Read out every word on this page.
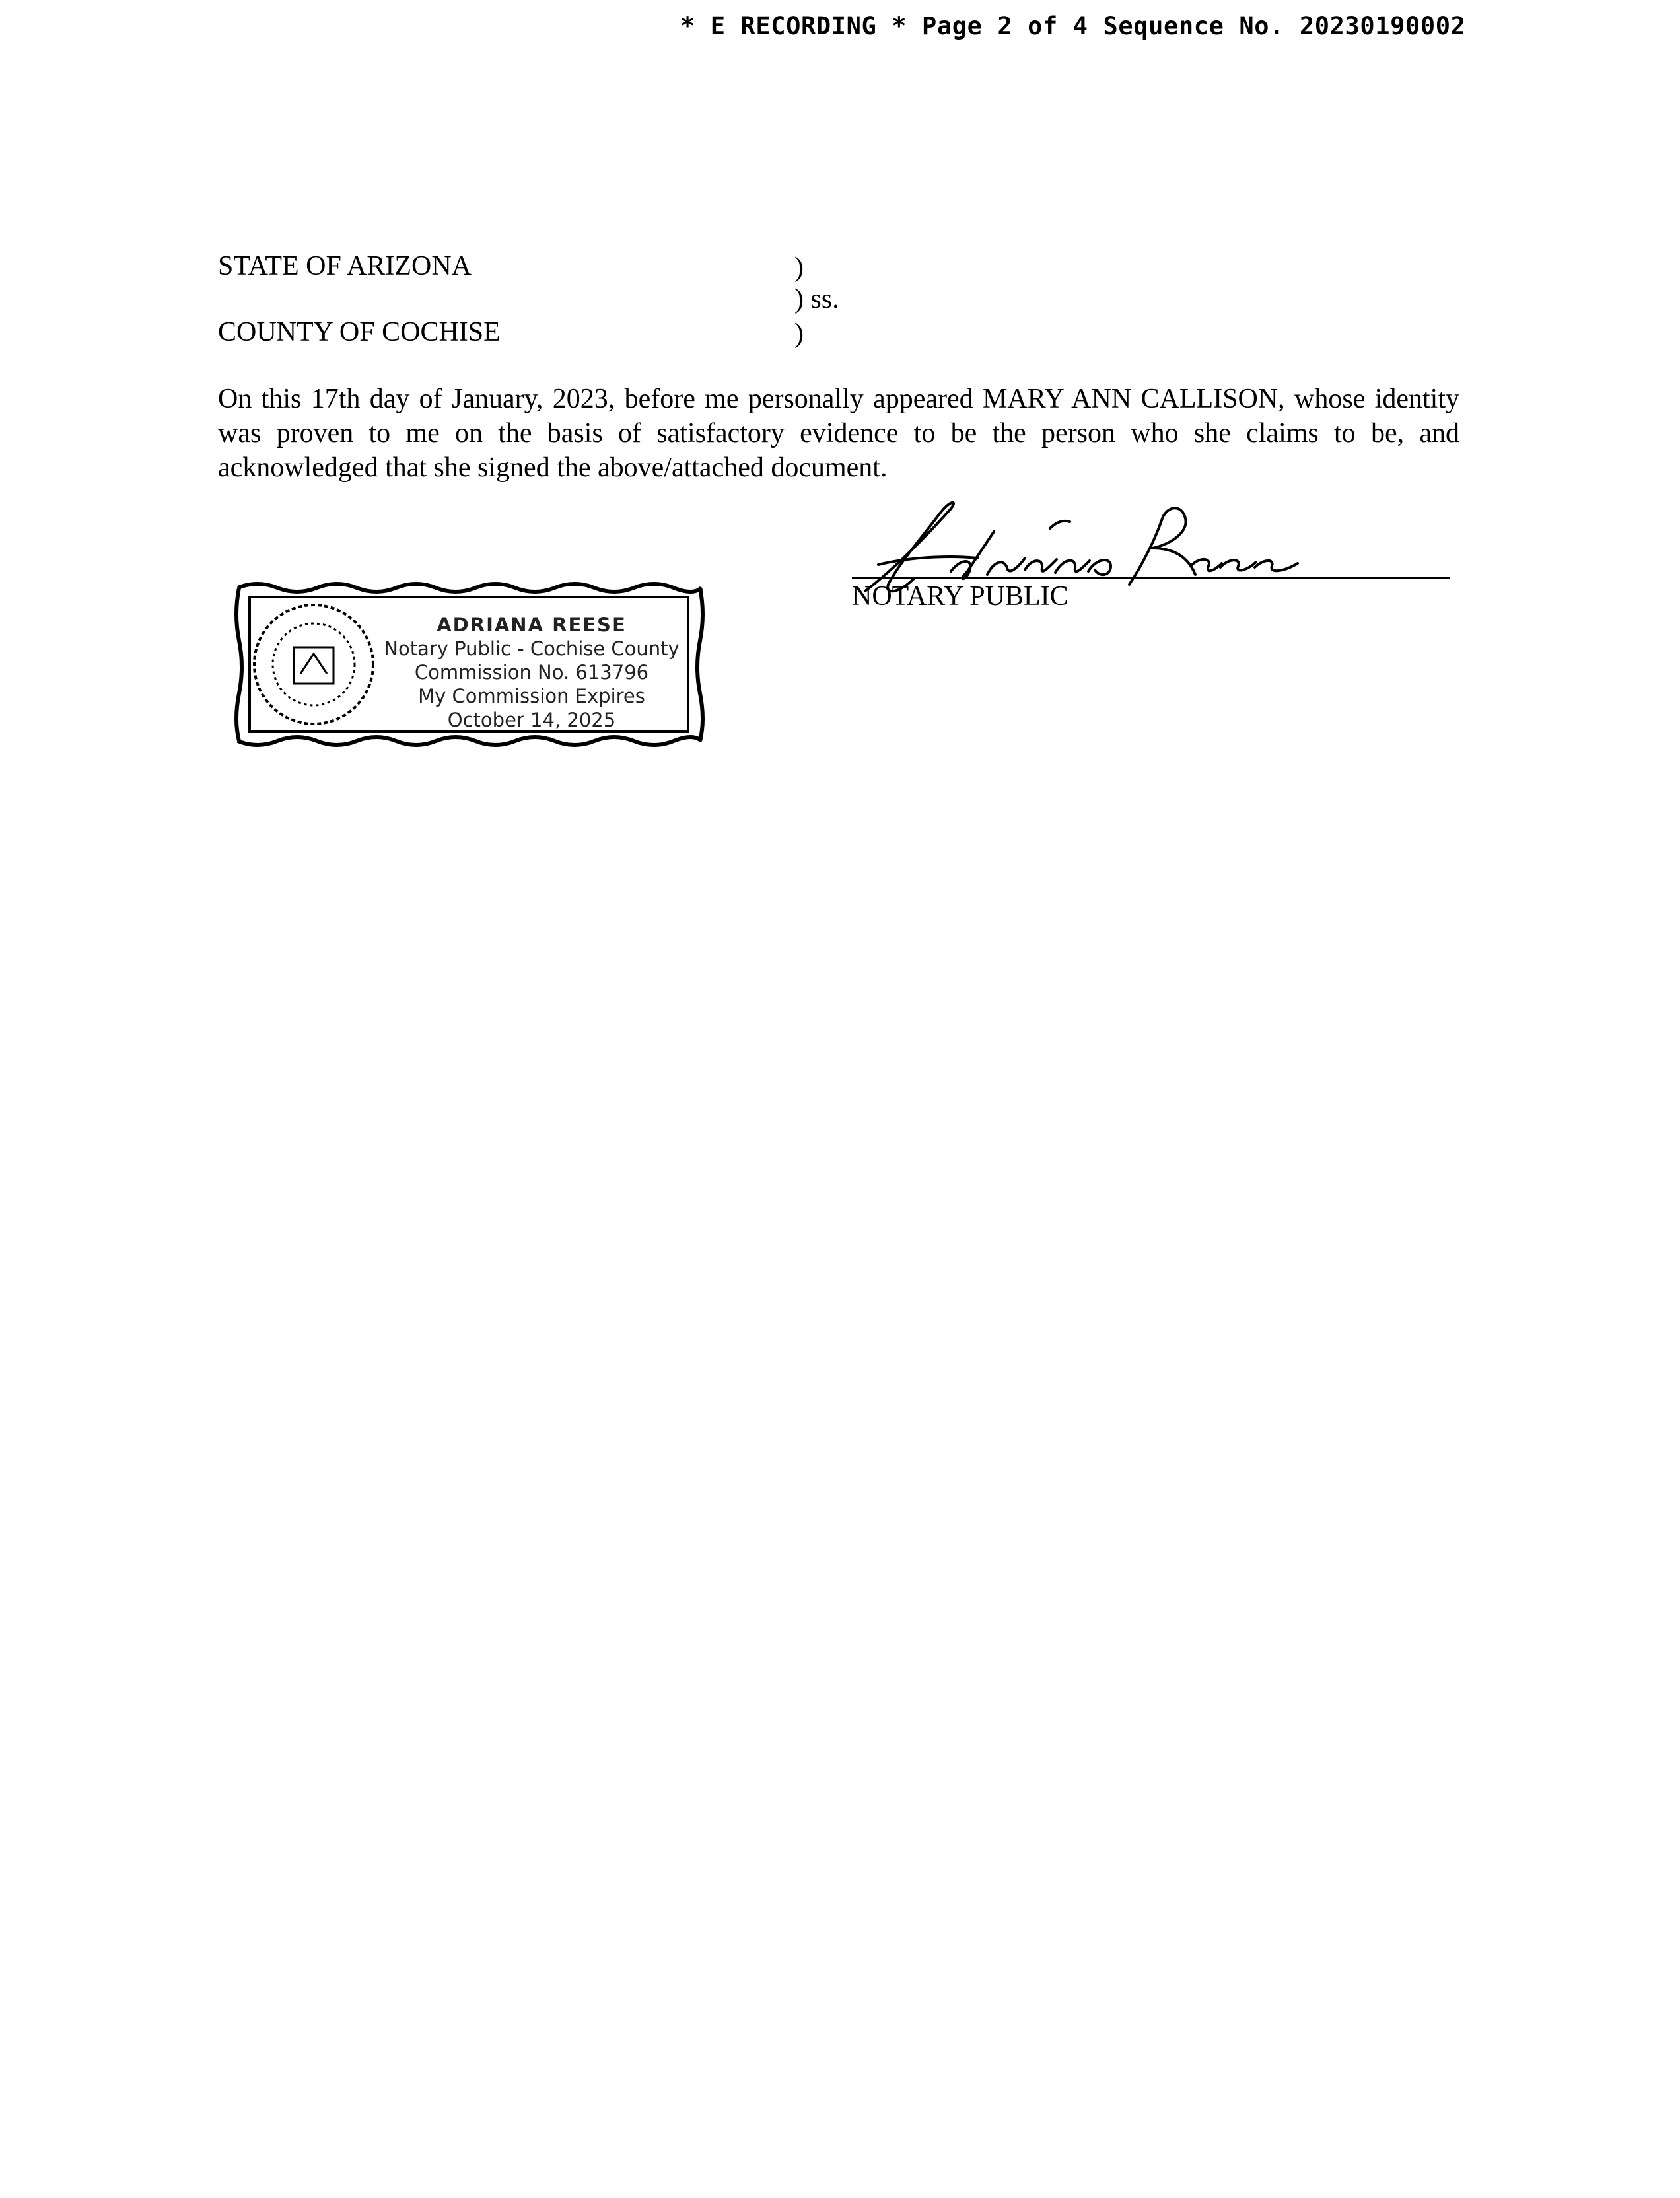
* E RECORDING * Page 2 of 4 Sequence No. 20230190002
STATE OF ARIZONA	)
) ss.
COUNTY OF COCHISE	)
On this 17th day of January, 2023, before me personally appeared MARY ANN CALLISON, whose identity was proven to me on the basis of satisfactory evidence to be the person who she claims to be, and acknowledged that she signed the above/attached document.
NOTARY PUBLIC
ADRIANA REESE
Notary Public - Cochise County
Commission No. 613796
My Commission Expires
October 14, 2025
